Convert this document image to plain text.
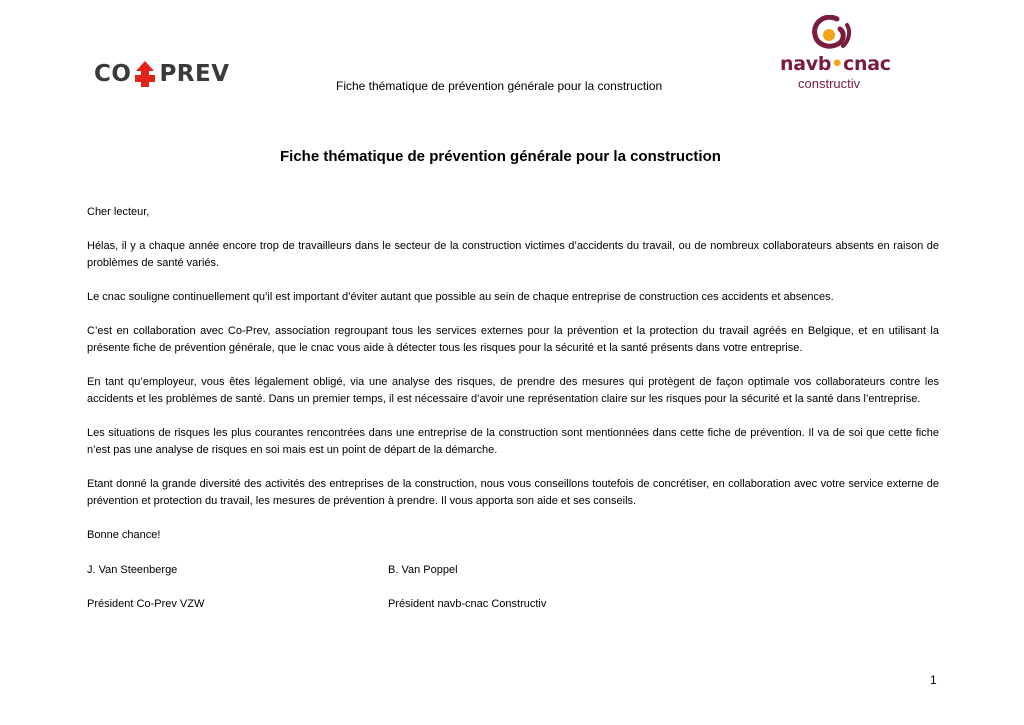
CO PREV	Fiche thématique de prévention générale pour la construction
navb•cnac
constructiv
Fiche thématique de prévention générale pour la construction

Cher lecteur,

Hélas, il y a chaque année encore trop de travailleurs dans le secteur de la construction victimes d’accidents du travail, ou de nombreux collaborateurs absents en raison de problèmes de santé variés.

Le cnac souligne continuellement qu’il est important d’éviter autant que possible au sein de chaque entreprise de construction ces accidents et absences.

C’est en collaboration avec Co-Prev, association regroupant tous les services externes pour la prévention et la protection du travail agréés en Belgique, et en utilisant la présente fiche de prévention générale, que le cnac vous aide à détecter tous les risques pour la sécurité et la santé présents dans votre entreprise.

En tant qu’employeur, vous êtes légalement obligé, via une analyse des risques, de prendre des mesures qui protègent de façon optimale vos collaborateurs contre les accidents et les problèmes de santé. Dans un premier temps, il est nécessaire d’avoir une représentation claire sur les risques pour la sécurité et la santé dans l’entreprise.

Les situations de risques les plus courantes rencontrées dans une entreprise de la construction sont mentionnées dans cette fiche de prévention. Il va de soi que cette fiche n’est pas une analyse de risques en soi mais est un point de départ de la démarche.

Etant donné la grande diversité des activités des entreprises de la construction, nous vous conseillons toutefois de concrétiser, en collaboration avec votre service externe de prévention et protection du travail, les mesures de prévention à prendre. Il vous apporta son aide et ses conseils.

Bonne chance!

J. Van Steenberge	B. Van Poppel
Président Co-Prev VZW	Président navb-cnac Constructiv
1
